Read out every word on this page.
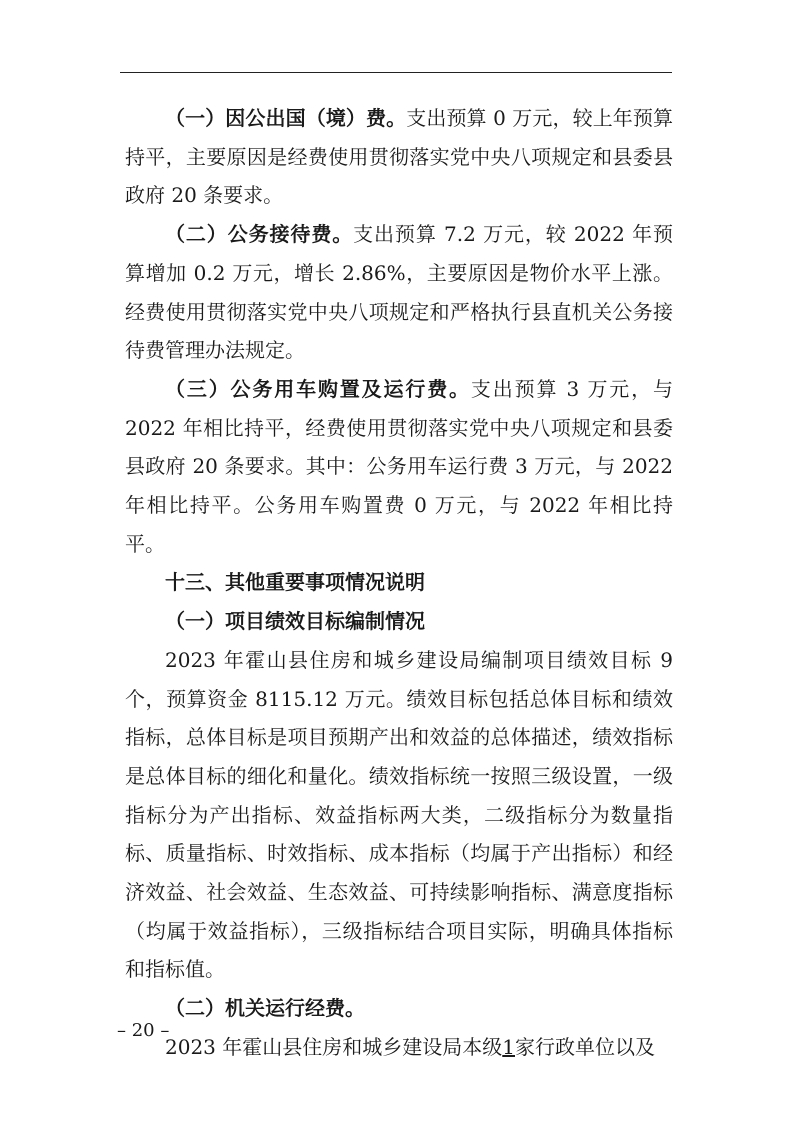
（一）因公出国（境）费。支出预算 0 万元，较上年预算持平，主要原因是经费使用贯彻落实党中央八项规定和县委县政府 20 条要求。

（二）公务接待费。支出预算 7.2 万元，较 2022 年预算增加 0.2 万元，增长 2.86%，主要原因是物价水平上涨。经费使用贯彻落实党中央八项规定和严格执行县直机关公务接待费管理办法规定。

（三）公务用车购置及运行费。支出预算 3 万元，与 2022 年相比持平，经费使用贯彻落实党中央八项规定和县委县政府 20 条要求。其中：公务用车运行费 3 万元，与 2022 年相比持平。公务用车购置费 0 万元，与 2022 年相比持平。

十三、其他重要事项情况说明

（一）项目绩效目标编制情况

2023 年霍山县住房和城乡建设局编制项目绩效目标 9 个，预算资金 8115.12 万元。绩效目标包括总体目标和绩效指标，总体目标是项目预期产出和效益的总体描述，绩效指标是总体目标的细化和量化。绩效指标统一按照三级设置，一级指标分为产出指标、效益指标两大类，二级指标分为数量指标、质量指标、时效指标、成本指标（均属于产出指标）和经济效益、社会效益、生态效益、可持续影响指标、满意度指标（均属于效益指标），三级指标结合项目实际，明确具体指标和指标值。

（二）机关运行经费。

2023 年霍山县住房和城乡建设局本级1家行政单位以及

– 20 –
